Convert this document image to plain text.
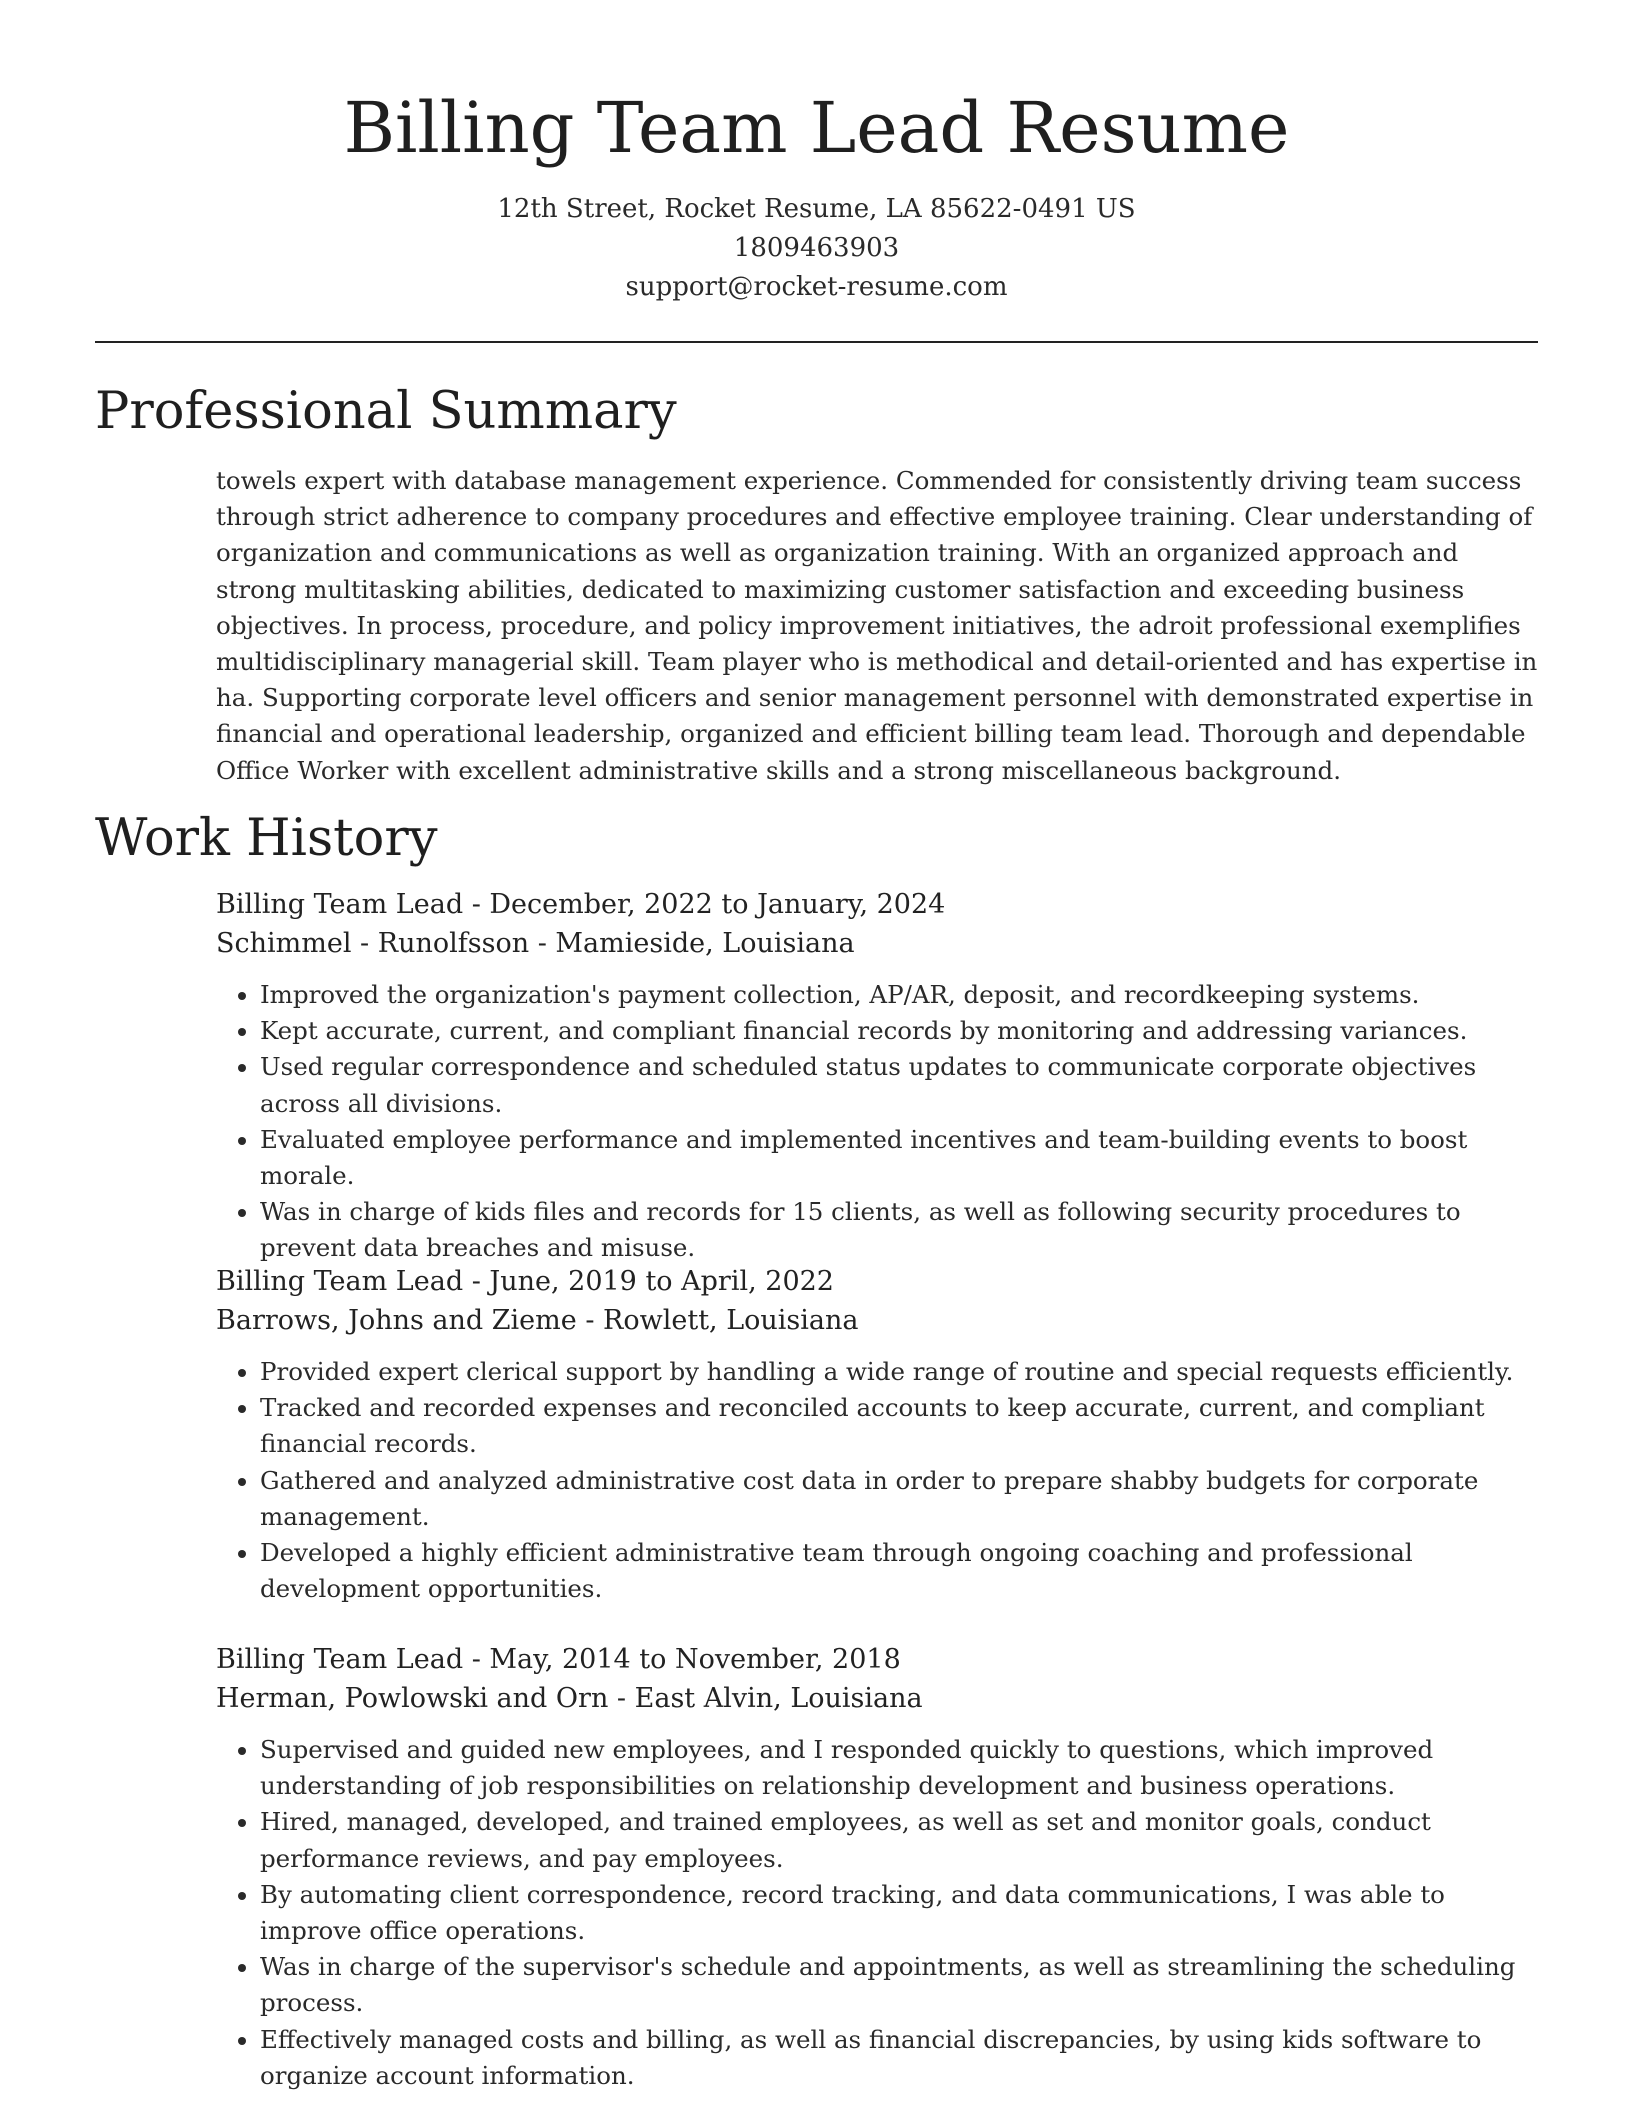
Billing Team Lead Resume
12th Street, Rocket Resume, LA 85622-0491 US
1809463903
support@rocket-resume.com
Professional Summary

towels expert with database management experience. Commended for consistently driving team success through strict adherence to company procedures and effective employee training. Clear understanding of organization and communications as well as organization training. With an organized approach and strong multitasking abilities, dedicated to maximizing customer satisfaction and exceeding business objectives. In process, procedure, and policy improvement initiatives, the adroit professional exemplifies multidisciplinary managerial skill. Team player who is methodical and detail-oriented and has expertise in ha. Supporting corporate level officers and senior management personnel with demonstrated expertise in financial and operational leadership, organized and efficient billing team lead. Thorough and dependable Office Worker with excellent administrative skills and a strong miscellaneous background.

Work History
Billing Team Lead - December, 2022 to January, 2024
Schimmel - Runolfsson - Mamieside, Louisiana
• Improved the organization's payment collection, AP/AR, deposit, and recordkeeping systems.
• Kept accurate, current, and compliant financial records by monitoring and addressing variances.
• Used regular correspondence and scheduled status updates to communicate corporate objectives across all divisions.
• Evaluated employee performance and implemented incentives and team-building events to boost morale.
• Was in charge of kids files and records for 15 clients, as well as following security procedures to prevent data breaches and misuse.
Billing Team Lead - June, 2019 to April, 2022
Barrows, Johns and Zieme - Rowlett, Louisiana
• Provided expert clerical support by handling a wide range of routine and special requests efficiently.
• Tracked and recorded expenses and reconciled accounts to keep accurate, current, and compliant financial records.
• Gathered and analyzed administrative cost data in order to prepare shabby budgets for corporate management.
• Developed a highly efficient administrative team through ongoing coaching and professional development opportunities.
Billing Team Lead - May, 2014 to November, 2018
Herman, Powlowski and Orn - East Alvin, Louisiana
• Supervised and guided new employees, and I responded quickly to questions, which improved understanding of job responsibilities on relationship development and business operations.
• Hired, managed, developed, and trained employees, as well as set and monitor goals, conduct performance reviews, and pay employees.
• By automating client correspondence, record tracking, and data communications, I was able to improve office operations.
• Was in charge of the supervisor's schedule and appointments, as well as streamlining the scheduling process.
• Effectively managed costs and billing, as well as financial discrepancies, by using kids software to organize account information.
